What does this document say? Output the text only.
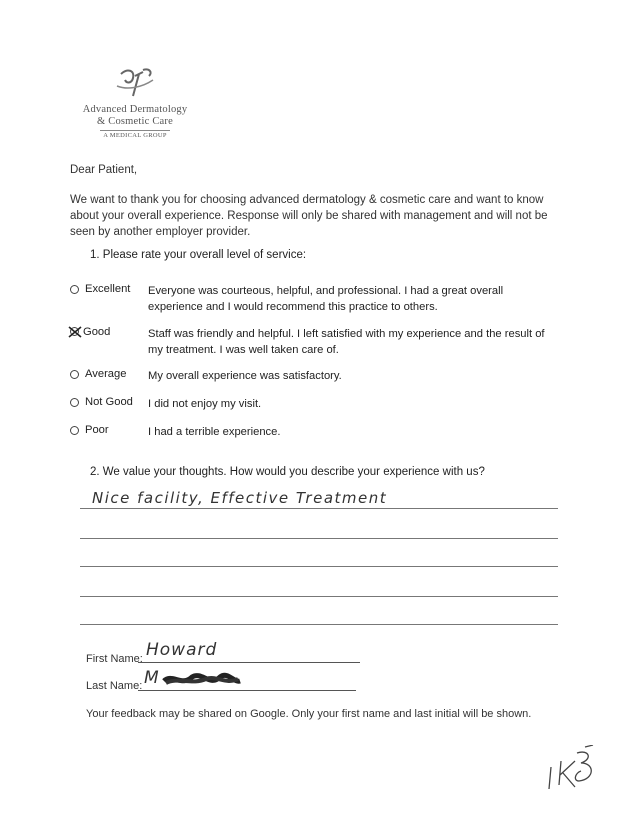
Advanced Dermatology
& Cosmetic Care
A MEDICAL GROUP
Dear Patient,
We want to thank you for choosing advanced dermatology & cosmetic care and want to know about your overall experience. Response will only be shared with management and will not be seen by another employer provider.
1. Please rate your overall level of service:
Excellent Everyone was courteous, helpful, and professional. I had a great overall experience and I would recommend this practice to others.
Good	Staff was friendly and helpful. I left satisfied with my experience and the result of my treatment. I was well taken care of.
Average My overall experience was satisfactory.
Not Good I did not enjoy my visit.
Poor	I had a terrible experience.
2. We value your thoughts. How would you describe your experience with us?
Nice facility, Effective Treatment
First Name: Howard
Last Name: M
Your feedback may be shared on Google. Only your first name and last initial will be shown.
